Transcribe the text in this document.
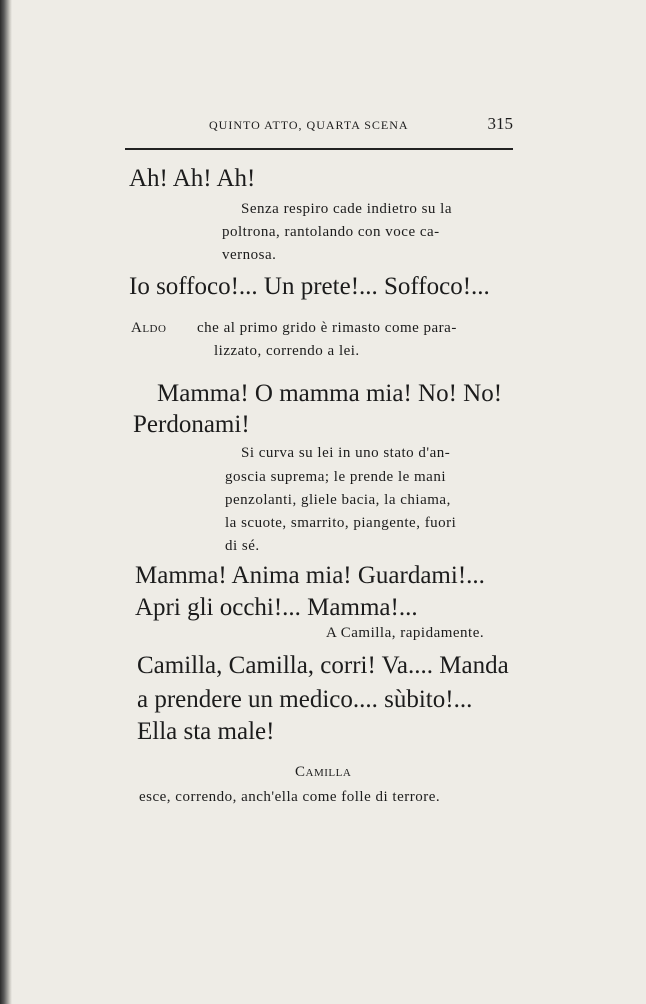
QUINTO ATTO, QUARTA SCENA	315
Ah! Ah! Ah!
Senza respiro cade indietro su la
poltrona, rantolando con voce ca-
vernosa.
Io soffoco!... Un prete!... Soffoco!...
Aldo che al primo grido è rimasto come para-
lizzato, correndo a lei.
Mamma! O mamma mia! No! No!
Perdonami!
Si curva su lei in uno stato d'an-
goscia suprema; le prende le mani
penzolanti, gliele bacia, la chiama,
la scuote, smarrito, piangente, fuori
di sé.
Mamma! Anima mia! Guardami!...
Apri gli occhi!... Mamma!...
A Camilla, rapidamente.
Camilla, Camilla, corri! Va.... Manda
a prendere un medico.... sùbito!...
Ella sta male!
Camilla
esce, correndo, anch'ella come folle di terrore.
